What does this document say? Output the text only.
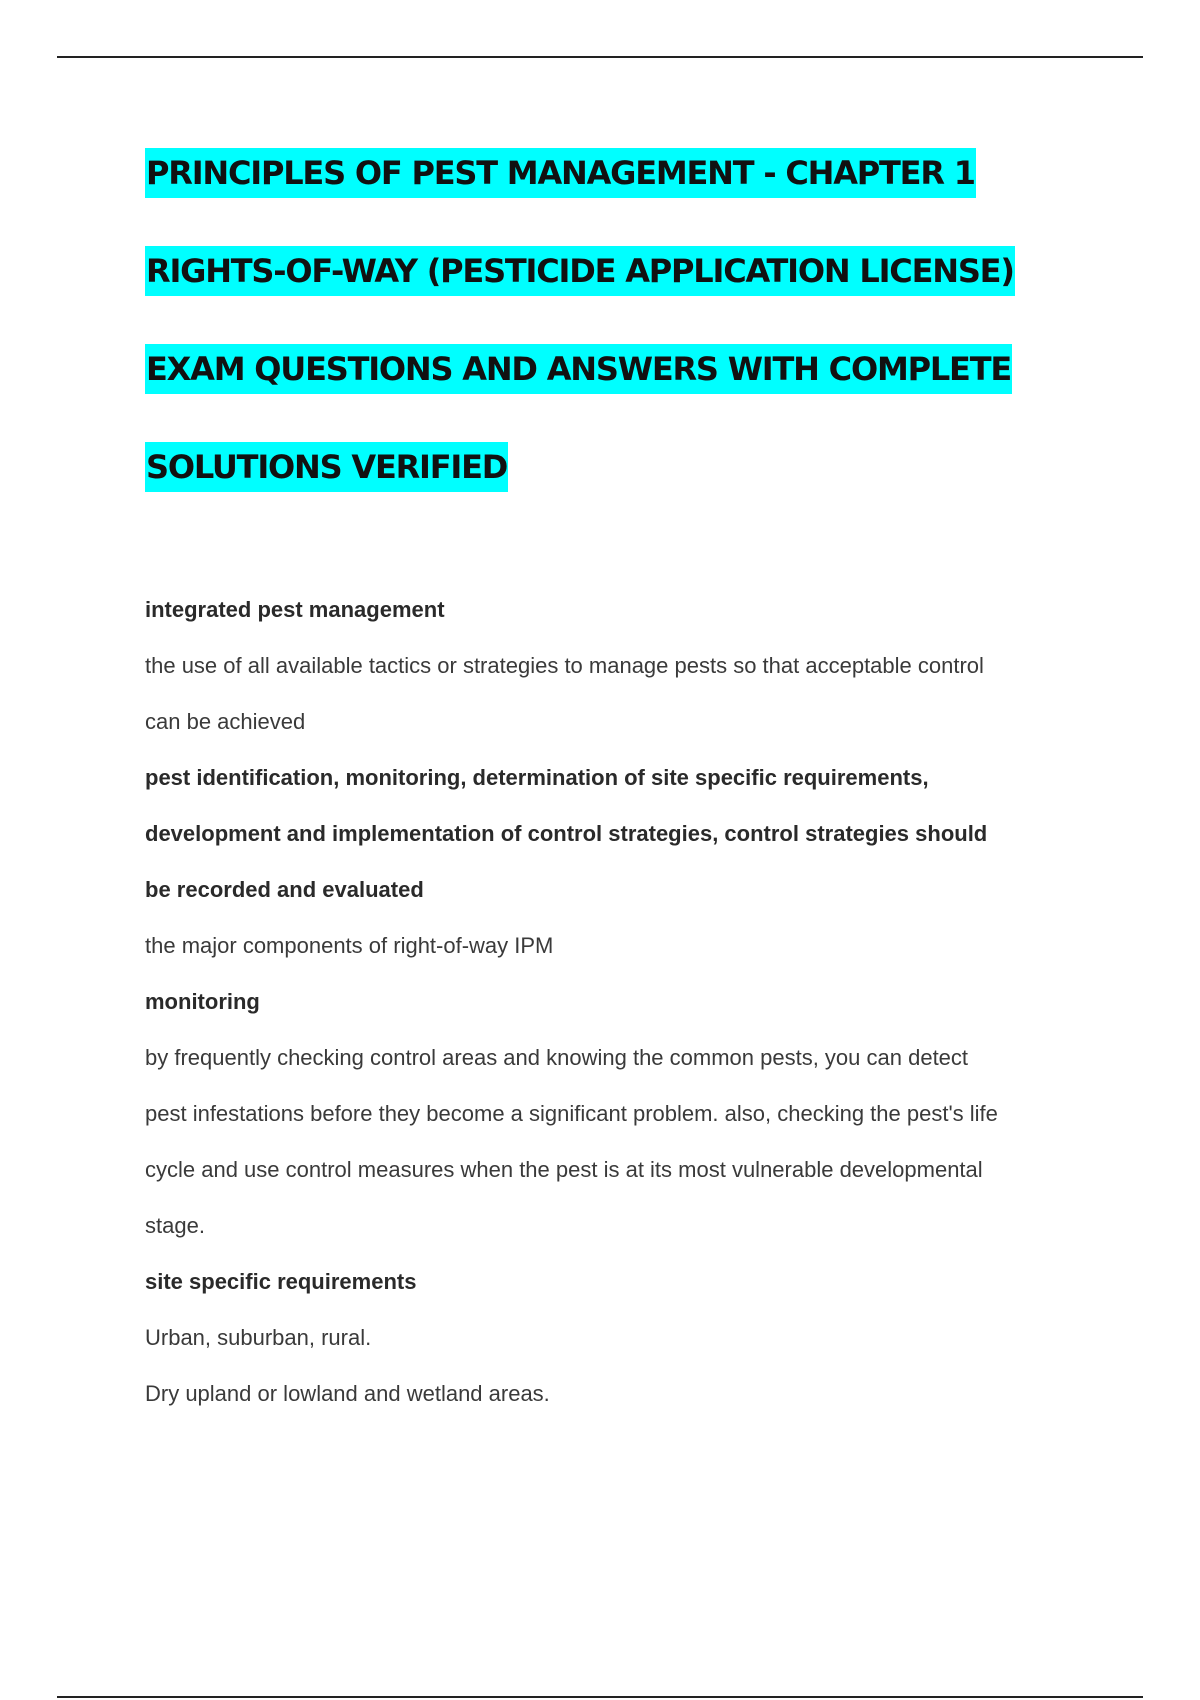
PRINCIPLES OF PEST MANAGEMENT - CHAPTER 1
RIGHTS-OF-WAY (PESTICIDE APPLICATION LICENSE)
EXAM QUESTIONS AND ANSWERS WITH COMPLETE
SOLUTIONS VERIFIED

integrated pest management

the use of all available tactics or strategies to manage pests so that acceptable control
can be achieved

pest identification, monitoring, determination of site specific requirements,
development and implementation of control strategies, control strategies should
be recorded and evaluated

the major components of right-of-way IPM

monitoring

by frequently checking control areas and knowing the common pests, you can detect
pest infestations before they become a significant problem. also, checking the pest's life
cycle and use control measures when the pest is at its most vulnerable developmental
stage.

site specific requirements

Urban, suburban, rural.
Dry upland or lowland and wetland areas.
